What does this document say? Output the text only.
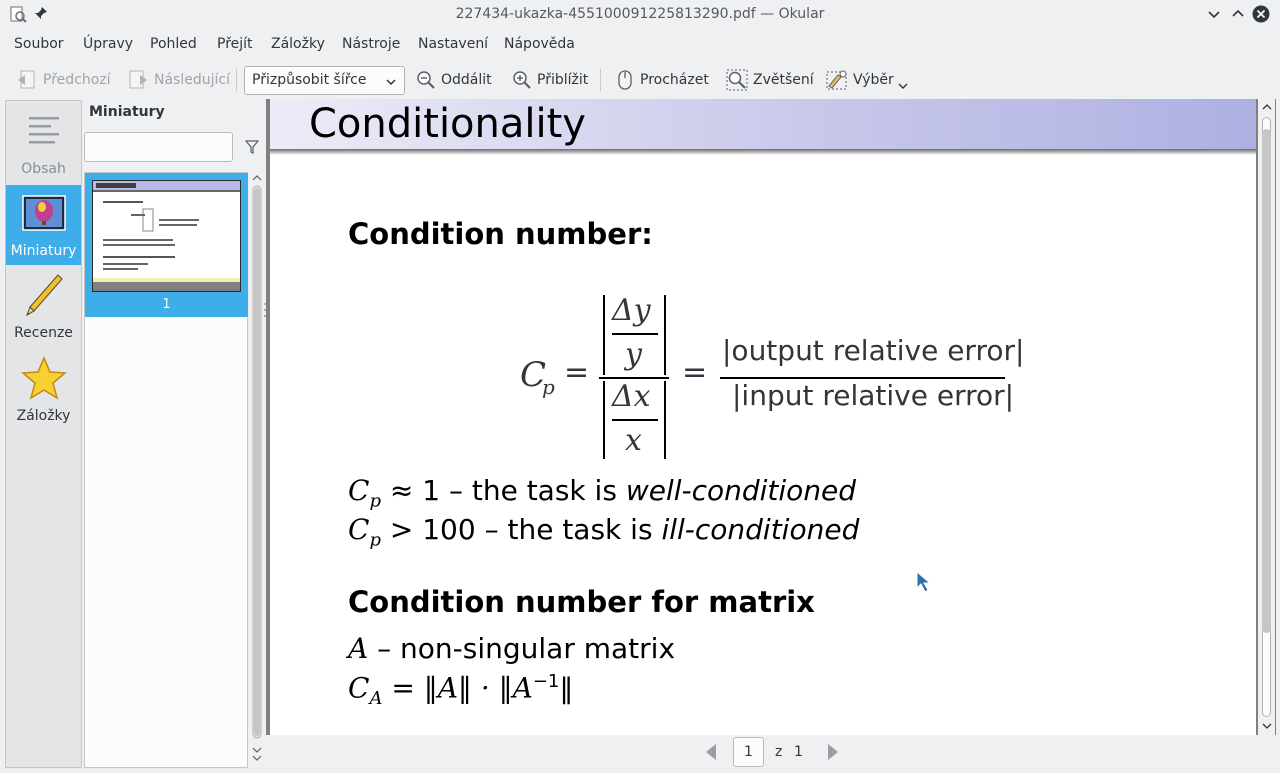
227434-ukazka-455100091225813290.pdf — Okular
Soubor Úpravy Pohled Přejít Záložky Nástroje Nastavení Nápověda
Předchozí	Následující	Oddálit	Přiblížit	Procházet	Zvětšení	Výběr
Přizpůsobit šířce
Obsah
Miniatury
Recenze
Záložky
Miniatury
1
Conditionality
Condition number:
C
p =
Δy
y
Δx
x
=
|output relative error|
|input relative error|
$C_p \approx 1$ – the task is well-conditioned
$C_p > 100$ – the task is ill-conditioned
Condition number for matrix
A – non-singular matrix
$C_A$ = ‖A‖ · $‖A^{-1}‖$
1	z 1
